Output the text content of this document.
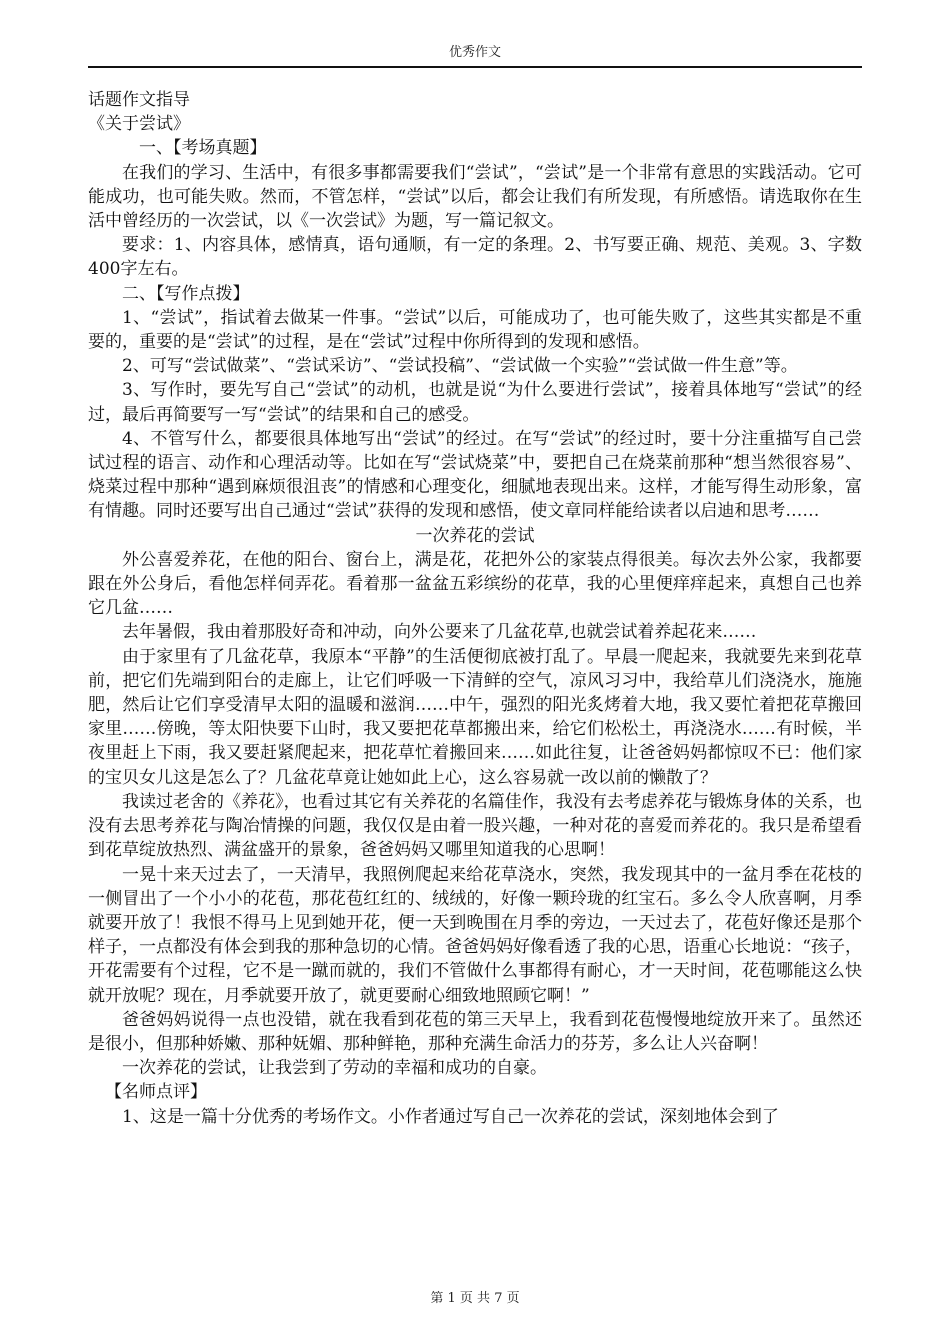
优秀作文

话题作文指导

《关于尝试》

一、【考场真题】

在我们的学习、生活中，有很多事都需要我们“尝试”，“尝试”是一个非常有意思的实践活动。它可能成功，也可能失败。然而，不管怎样，“尝试”以后，都会让我们有所发现，有所感悟。请选取你在生活中曾经历的一次尝试，以《一次尝试》为题，写一篇记叙文。

要求：1、内容具体，感情真，语句通顺，有一定的条理。2、书写要正确、规范、美观。3、字数400字左右。

二、【写作点拨】

1、“尝试”，指试着去做某一件事。“尝试”以后，可能成功了，也可能失败了，这些其实都是不重要的，重要的是“尝试”的过程，是在“尝试”过程中你所得到的发现和感悟。

2、可写“尝试做菜”、“尝试采访”、“尝试投稿”、“尝试做一个实验”“尝试做一件生意”等。

3、写作时，要先写自己“尝试”的动机，也就是说“为什么要进行尝试”，接着具体地写“尝试”的经过，最后再简要写一写“尝试”的结果和自己的感受。

4、不管写什么，都要很具体地写出“尝试”的经过。在写“尝试”的经过时，要十分注重描写自己尝试过程的语言、动作和心理活动等。比如在写“尝试烧菜”中，要把自己在烧菜前那种“想当然很容易”、烧菜过程中那种“遇到麻烦很沮丧”的情感和心理变化，细腻地表现出来。这样，才能写得生动形象，富有情趣。同时还要写出自己通过“尝试”获得的发现和感悟，使文章同样能给读者以启迪和思考……

一次养花的尝试

外公喜爱养花，在他的阳台、窗台上，满是花，花把外公的家装点得很美。每次去外公家，我都要跟在外公身后，看他怎样伺弄花。看着那一盆盆五彩缤纷的花草，我的心里便痒痒起来，真想自己也养它几盆……

去年暑假，我由着那股好奇和冲动，向外公要来了几盆花草,也就尝试着养起花来……

由于家里有了几盆花草，我原本“平静”的生活便彻底被打乱了。早晨一爬起来，我就要先来到花草前，把它们先端到阳台的走廊上，让它们呼吸一下清鲜的空气，凉风习习中，我给草儿们浇浇水，施施肥，然后让它们享受清早太阳的温暖和滋润……中午，强烈的阳光炙烤着大地，我又要忙着把花草搬回家里……傍晚，等太阳快要下山时，我又要把花草都搬出来，给它们松松土，再浇浇水……有时候，半夜里赶上下雨，我又要赶紧爬起来，把花草忙着搬回来……如此往复，让爸爸妈妈都惊叹不已：他们家的宝贝女儿这是怎么了？几盆花草竟让她如此上心，这么容易就一改以前的懒散了？

我读过老舍的《养花》，也看过其它有关养花的名篇佳作，我没有去考虑养花与锻炼身体的关系，也没有去思考养花与陶冶情操的问题，我仅仅是由着一股兴趣，一种对花的喜爱而养花的。我只是希望看到花草绽放热烈、满盆盛开的景象，爸爸妈妈又哪里知道我的心思啊！

一晃十来天过去了，一天清早，我照例爬起来给花草浇水，突然，我发现其中的一盆月季在花枝的一侧冒出了一个小小的花苞，那花苞红红的、绒绒的，好像一颗玲珑的红宝石。多么令人欣喜啊，月季就要开放了！我恨不得马上见到她开花，便一天到晚围在月季的旁边，一天过去了，花苞好像还是那个样子，一点都没有体会到我的那种急切的心情。爸爸妈妈好像看透了我的心思，语重心长地说：“孩子，开花需要有个过程，它不是一蹴而就的，我们不管做什么事都得有耐心，才一天时间，花苞哪能这么快就开放呢？现在，月季就要开放了，就更要耐心细致地照顾它啊！”

爸爸妈妈说得一点也没错，就在我看到花苞的第三天早上，我看到花苞慢慢地绽放开来了。虽然还是很小，但那种娇嫩、那种妩媚、那种鲜艳，那种充满生命活力的芬芳，多么让人兴奋啊！

一次养花的尝试，让我尝到了劳动的幸福和成功的自豪。

【名师点评】

1、这是一篇十分优秀的考场作文。小作者通过写自己一次养花的尝试，深刻地体会到了

第 1 页 共 7 页
